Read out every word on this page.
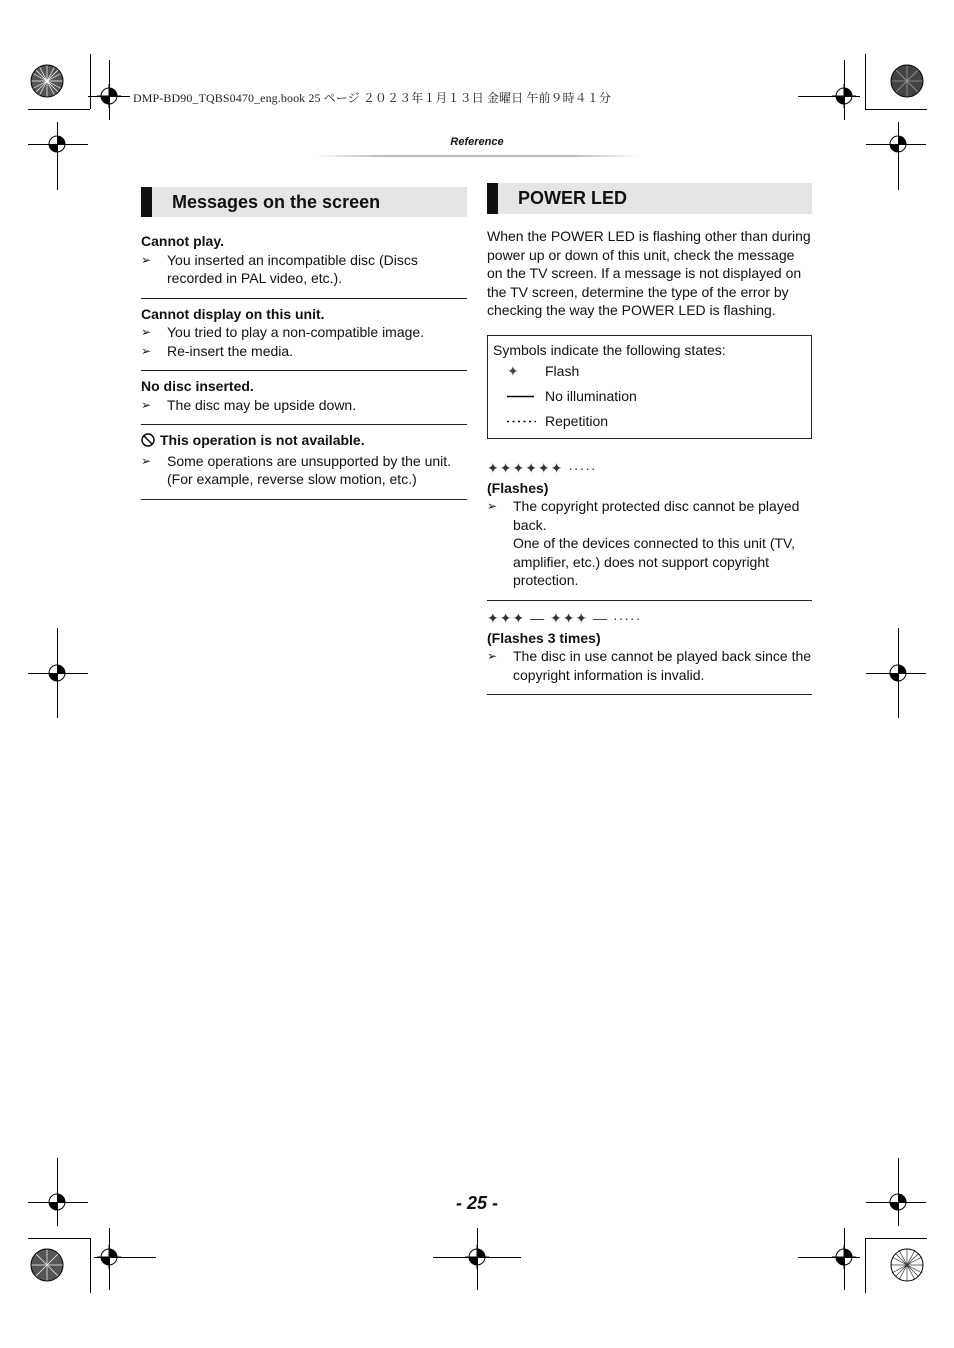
DMP-BD90_TQBS0470_eng.book 25 ページ ２０２３年１月１３日 金曜日 午前９時４１分
Reference
Messages on the screen
Cannot play.
➢ You inserted an incompatible disc (Discs recorded in PAL video, etc.).
Cannot display on this unit.
➢ You tried to play a non-compatible image.
➢ Re-insert the media.
No disc inserted.
➢ The disc may be upside down.
This operation is not available.
➢ Some operations are unsupported by the unit. (For example, reverse slow motion, etc.)
POWER LED
When the POWER LED is flashing other than during power up or down of this unit, check the message on the TV screen. If a message is not displayed on the TV screen, determine the type of the error by checking the way the POWER LED is flashing.
Symbols indicate the following states:
✦	Flash
No illumination
Repetition
✦✦✦✦✦✦ ·····
(Flashes)
➢ The copyright protected disc cannot be played back.
One of the devices connected to this unit (TV, amplifier, etc.) does not support copyright protection.
✦✦✦ — ✦✦✦ — ·····
(Flashes 3 times)
➢ The disc in use cannot be played back since the copyright information is invalid.
- 25 -
